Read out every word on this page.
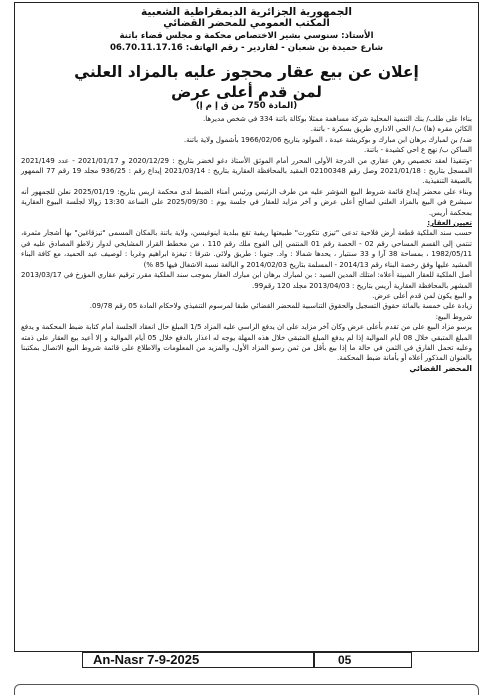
الجمهورية الجزائرية الديمقراطية الشعبية
المكتب العمومي للمحضر القضائي
الأستاذ: سنوسي بشير الاختصاص محكمة و مجلس قضاء باتنة
شارع حميدة بن شعبان - لفاردير - رقم الهاتف: 06.70.11.17.16
إعلان عن بيع عقار محجوز عليه بالمزاد العلني
لمن قدم أعلى عرض
(المادة 750 من ق إ م إ)

بناءا على طلب/ بنك التنمية المحلية شركة مساهمة ممثلا بوكالة باتنة 334 في شخص مديرها.

الكائن مقره (ها) ب/ الحي الاداري طريق بسكرة - باتنة.

ضد/ بن لمبارك برهان ابن مبارك و بوكريشة عيدة ، المولود بتاريخ 1966/02/06 بأشمول ولاية باتنة.

الساكن ب/ نهج ع احي كشيدة - باتنة.

-وتنفيذا لعقد تخصيص رهن عقاري من الدرجة الأولى المحرر أمام الموثق الأستاذ دغو لخضر بتاريخ : 2020/12/29 و 2021/01/17 - عدد 2021/149 المسجل بتاريخ : 2021/01/18 وصل رقم 02100348 المقيد بالمحافظة العقارية بتاريخ : 2021/03/14 إيداع رقم : 936/25 مجلد 19 رقم 77 الممهور بالصيغة التنفيذية.

وبناء على محضر إيداع قائمة شروط البيع المؤشر عليه من طرف الرئيس ورئيس أمناء الضبط لدى محكمة اريس بتاريخ: 2025/01/19 نعلن للجمهور أنه سيشرع في البيع بالمزاد العلني لصالح أعلى عرض و آخر مزايد للعقار في جلسة يوم : 2025/09/30 على الساعة 13:30 زوالا لجلسة البيوع العقارية بمحكمة أريس.

تعيين العقار:

حسب سند الملكية قطعة أرض فلاحية تدعى "تيزي نتكورت" طبيعتها ريفية تقع ببلدية اينوغيسن، ولاية باتنة بالمكان المسمى "تيزقاغين" بها أشجار مثمرة، تنتمي إلى القسم المساحي رقم 02 - الحصة رقم 01 المنتمي إلى الفوج ملك رقم 110 ، من مخطط القرار المشايخي لدوار زلاطو المصادق عليه في 1982/05/11 ، بمساحة 38 آرا و 33 سنتيار ، يحدها شمالا : واد. جنوبا : طريق ولائي. شرقا : تيغزة ابراهيم وغربا : لوصيف عبد الحميد، مع كافة البناء المشيد عليها وفق رخصة البناء رقم 2014/13 - المسلمة بتاريخ 2014/02/03 و البالغة نسبة الاشغال فيها 85 %)

أصل الملكية للعقار المبينة أعلاه: امتلك المدين السيد : بن لمبارك برهان ابن مبارك العقار بموجب سند الملكية مقرر ترقيم عقاري المؤرخ في 2013/03/17 المشهر بالمحافظة العقارية أريس بتاريخ : 2013/04/03 مجلد 120 رقم99.

و البيع يكون لمن قدم أعلى عرض.

زيادة على خمسة بالمائة حقوق التسجيل والحقوق التناسبية للمحضر القضائي طبقا لمرسوم التنفيذي ولاحكام المادة 05 رقم 09/78.

شروط البيع:

يرسو مزاد البيع على من تقدم بأعلى عرض وكان آخر مزايد على ان يدفع الراسي عليه المزاد 1/5 المبلغ حال انعقاد الجلسة أمام كتابة ضبط المحكمة و يدفع المبلغ المتبقي خلال 08 أيام الموالية إذا لم يدفع المبلغ المتبقي خلال هذه المهلة يوجه له اعذار بالدفع خلال 05 أيام الموالية و إلا أعيد بيع العقار على ذمته وعليه تحمل الفارق في الثمن في حالة ما إذا بيع بأقل من ثمن رسو المزاد الأول، والمزيد من المعلومات والاطلاع على قائمة شروط البيع الاتصال بمكتبنا بالعنوان المذكور أعلاه أو بأمانة ضبط المحكمة.

المحضر القضائي

An-Nasr 7-9-2025	05
